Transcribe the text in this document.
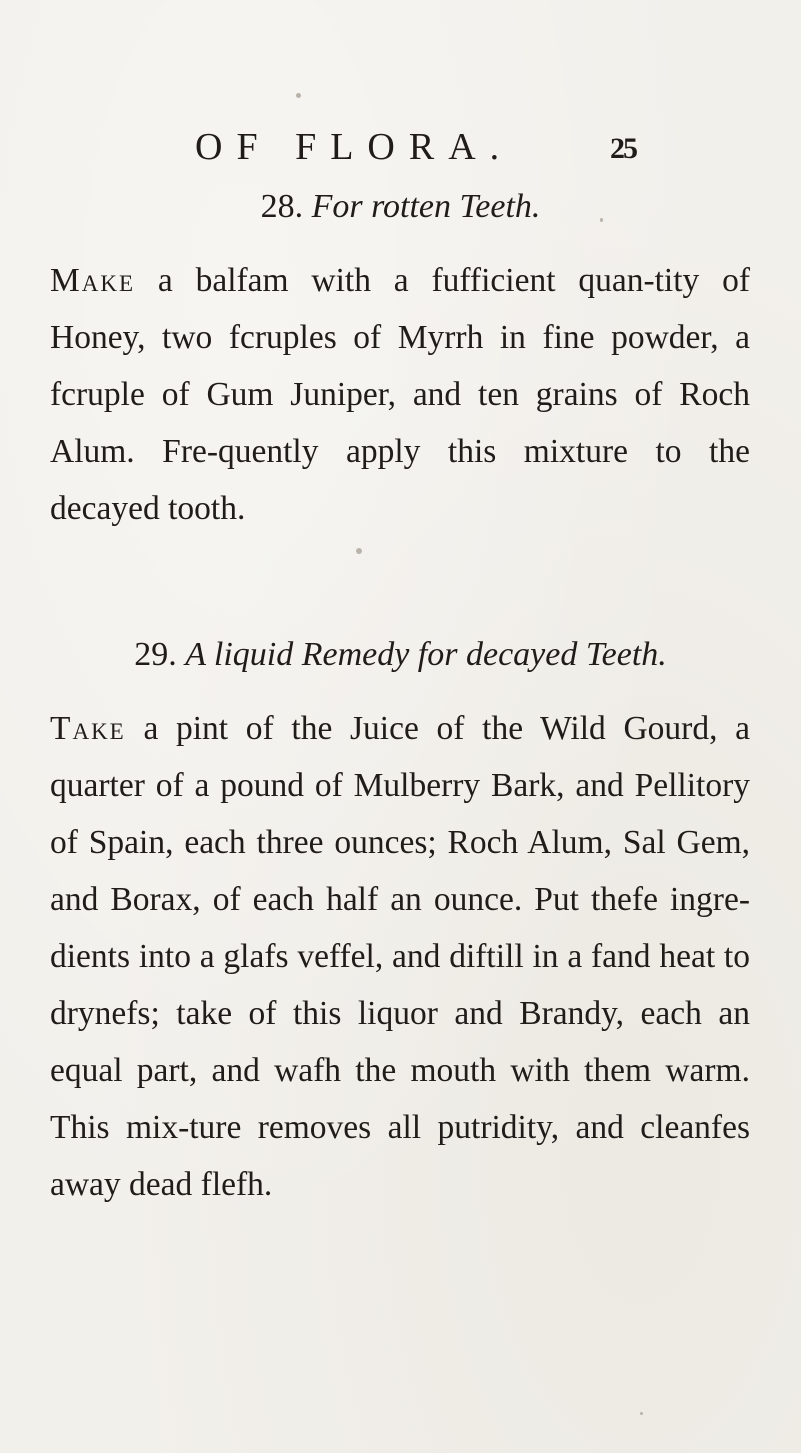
OF FLORA.	25
28. For rotten Teeth.
Make a balfam with a fufficient quan-tity of Honey, two fcruples of Myrrh in fine powder, a fcruple of Gum Juniper, and ten grains of Roch Alum. Fre-quently apply this mixture to the decayed tooth.
29. A liquid Remedy for decayed Teeth.
Take a pint of the Juice of the Wild Gourd, a quarter of a pound of Mulberry Bark, and Pellitory of Spain, each three ounces; Roch Alum, Sal Gem, and Borax, of each half an ounce. Put thefe ingre-dients into a glafs veffel, and diftill in a fand heat to drynefs; take of this liquor and Brandy, each an equal part, and wafh the mouth with them warm. This mix-ture removes all putridity, and cleanfes away dead flefh.
